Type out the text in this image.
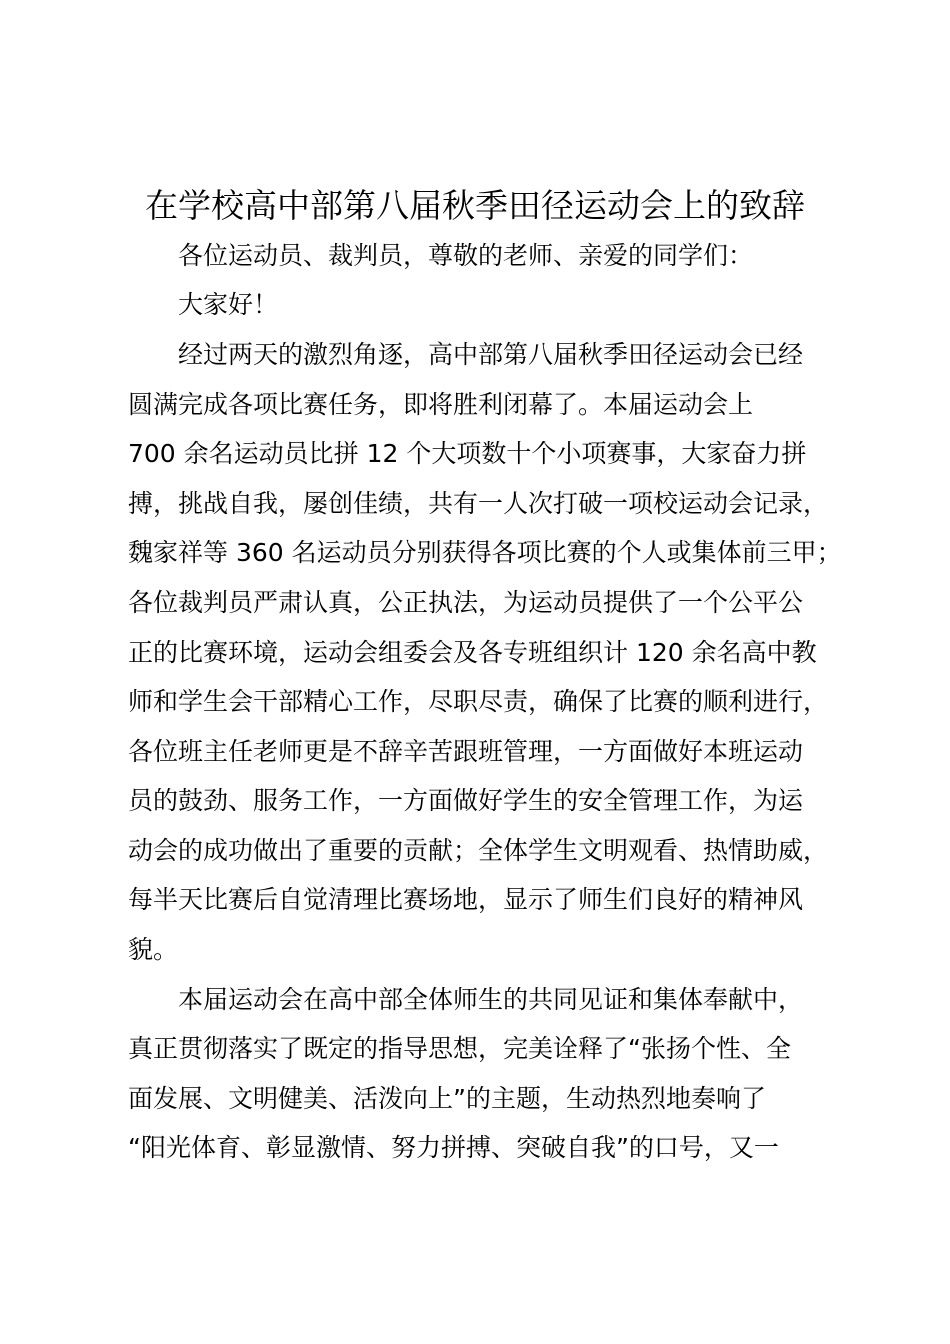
在学校高中部第八届秋季田径运动会上的致辞
各位运动员、裁判员，尊敬的老师、亲爱的同学们：
大家好！
经过两天的激烈角逐，高中部第八届秋季田径运动会已经
圆满完成各项比赛任务，即将胜利闭幕了。本届运动会上
700 余名运动员比拼 12 个大项数十个小项赛事，大家奋力拼
搏，挑战自我，屡创佳绩，共有一人次打破一项校运动会记录，
魏家祥等 360 名运动员分别获得各项比赛的个人或集体前三甲；
各位裁判员严肃认真，公正执法，为运动员提供了一个公平公
正的比赛环境，运动会组委会及各专班组织计 120 余名高中教
师和学生会干部精心工作，尽职尽责，确保了比赛的顺利进行，
各位班主任老师更是不辞辛苦跟班管理，一方面做好本班运动
员的鼓劲、服务工作，一方面做好学生的安全管理工作，为运
动会的成功做出了重要的贡献；全体学生文明观看、热情助威，
每半天比赛后自觉清理比赛场地，显示了师生们良好的精神风
貌。
本届运动会在高中部全体师生的共同见证和集体奉献中，
真正贯彻落实了既定的指导思想，完美诠释了“张扬个性、全
面发展、文明健美、活泼向上”的主题，生动热烈地奏响了
“阳光体育、彰显激情、努力拼搏、突破自我”的口号，又一
